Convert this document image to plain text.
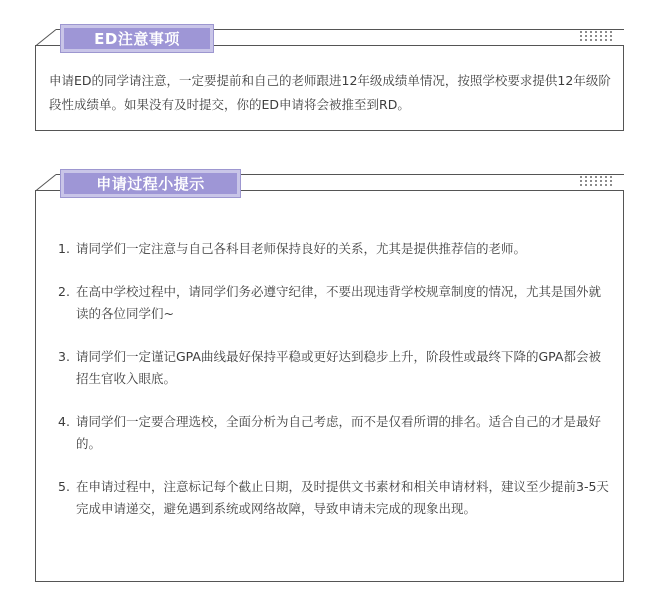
ED注意事项

申请ED的同学请注意，一定要提前和自己的老师跟进12年级成绩单情况，按照学校要求提供12年级阶段性成绩单。如果没有及时提交，你的ED申请将会被推至到RD。

申请过程小提示
1. 请同学们一定注意与自己各科目老师保持良好的关系，尤其是提供推荐信的老师。
2. 在高中学校过程中，请同学们务必遵守纪律，不要出现违背学校规章制度的情况，尤其是国外就读的各位同学们~
3. 请同学们一定谨记GPA曲线最好保持平稳或更好达到稳步上升，阶段性或最终下降的GPA都会被招生官收入眼底。
4. 请同学们一定要合理选校，全面分析为自己考虑，而不是仅看所谓的排名。适合自己的才是最好的。
5. 在申请过程中，注意标记每个截止日期，及时提供文书素材和相关申请材料，建议至少提前3-5天完成申请递交，避免遇到系统或网络故障，导致申请未完成的现象出现。
